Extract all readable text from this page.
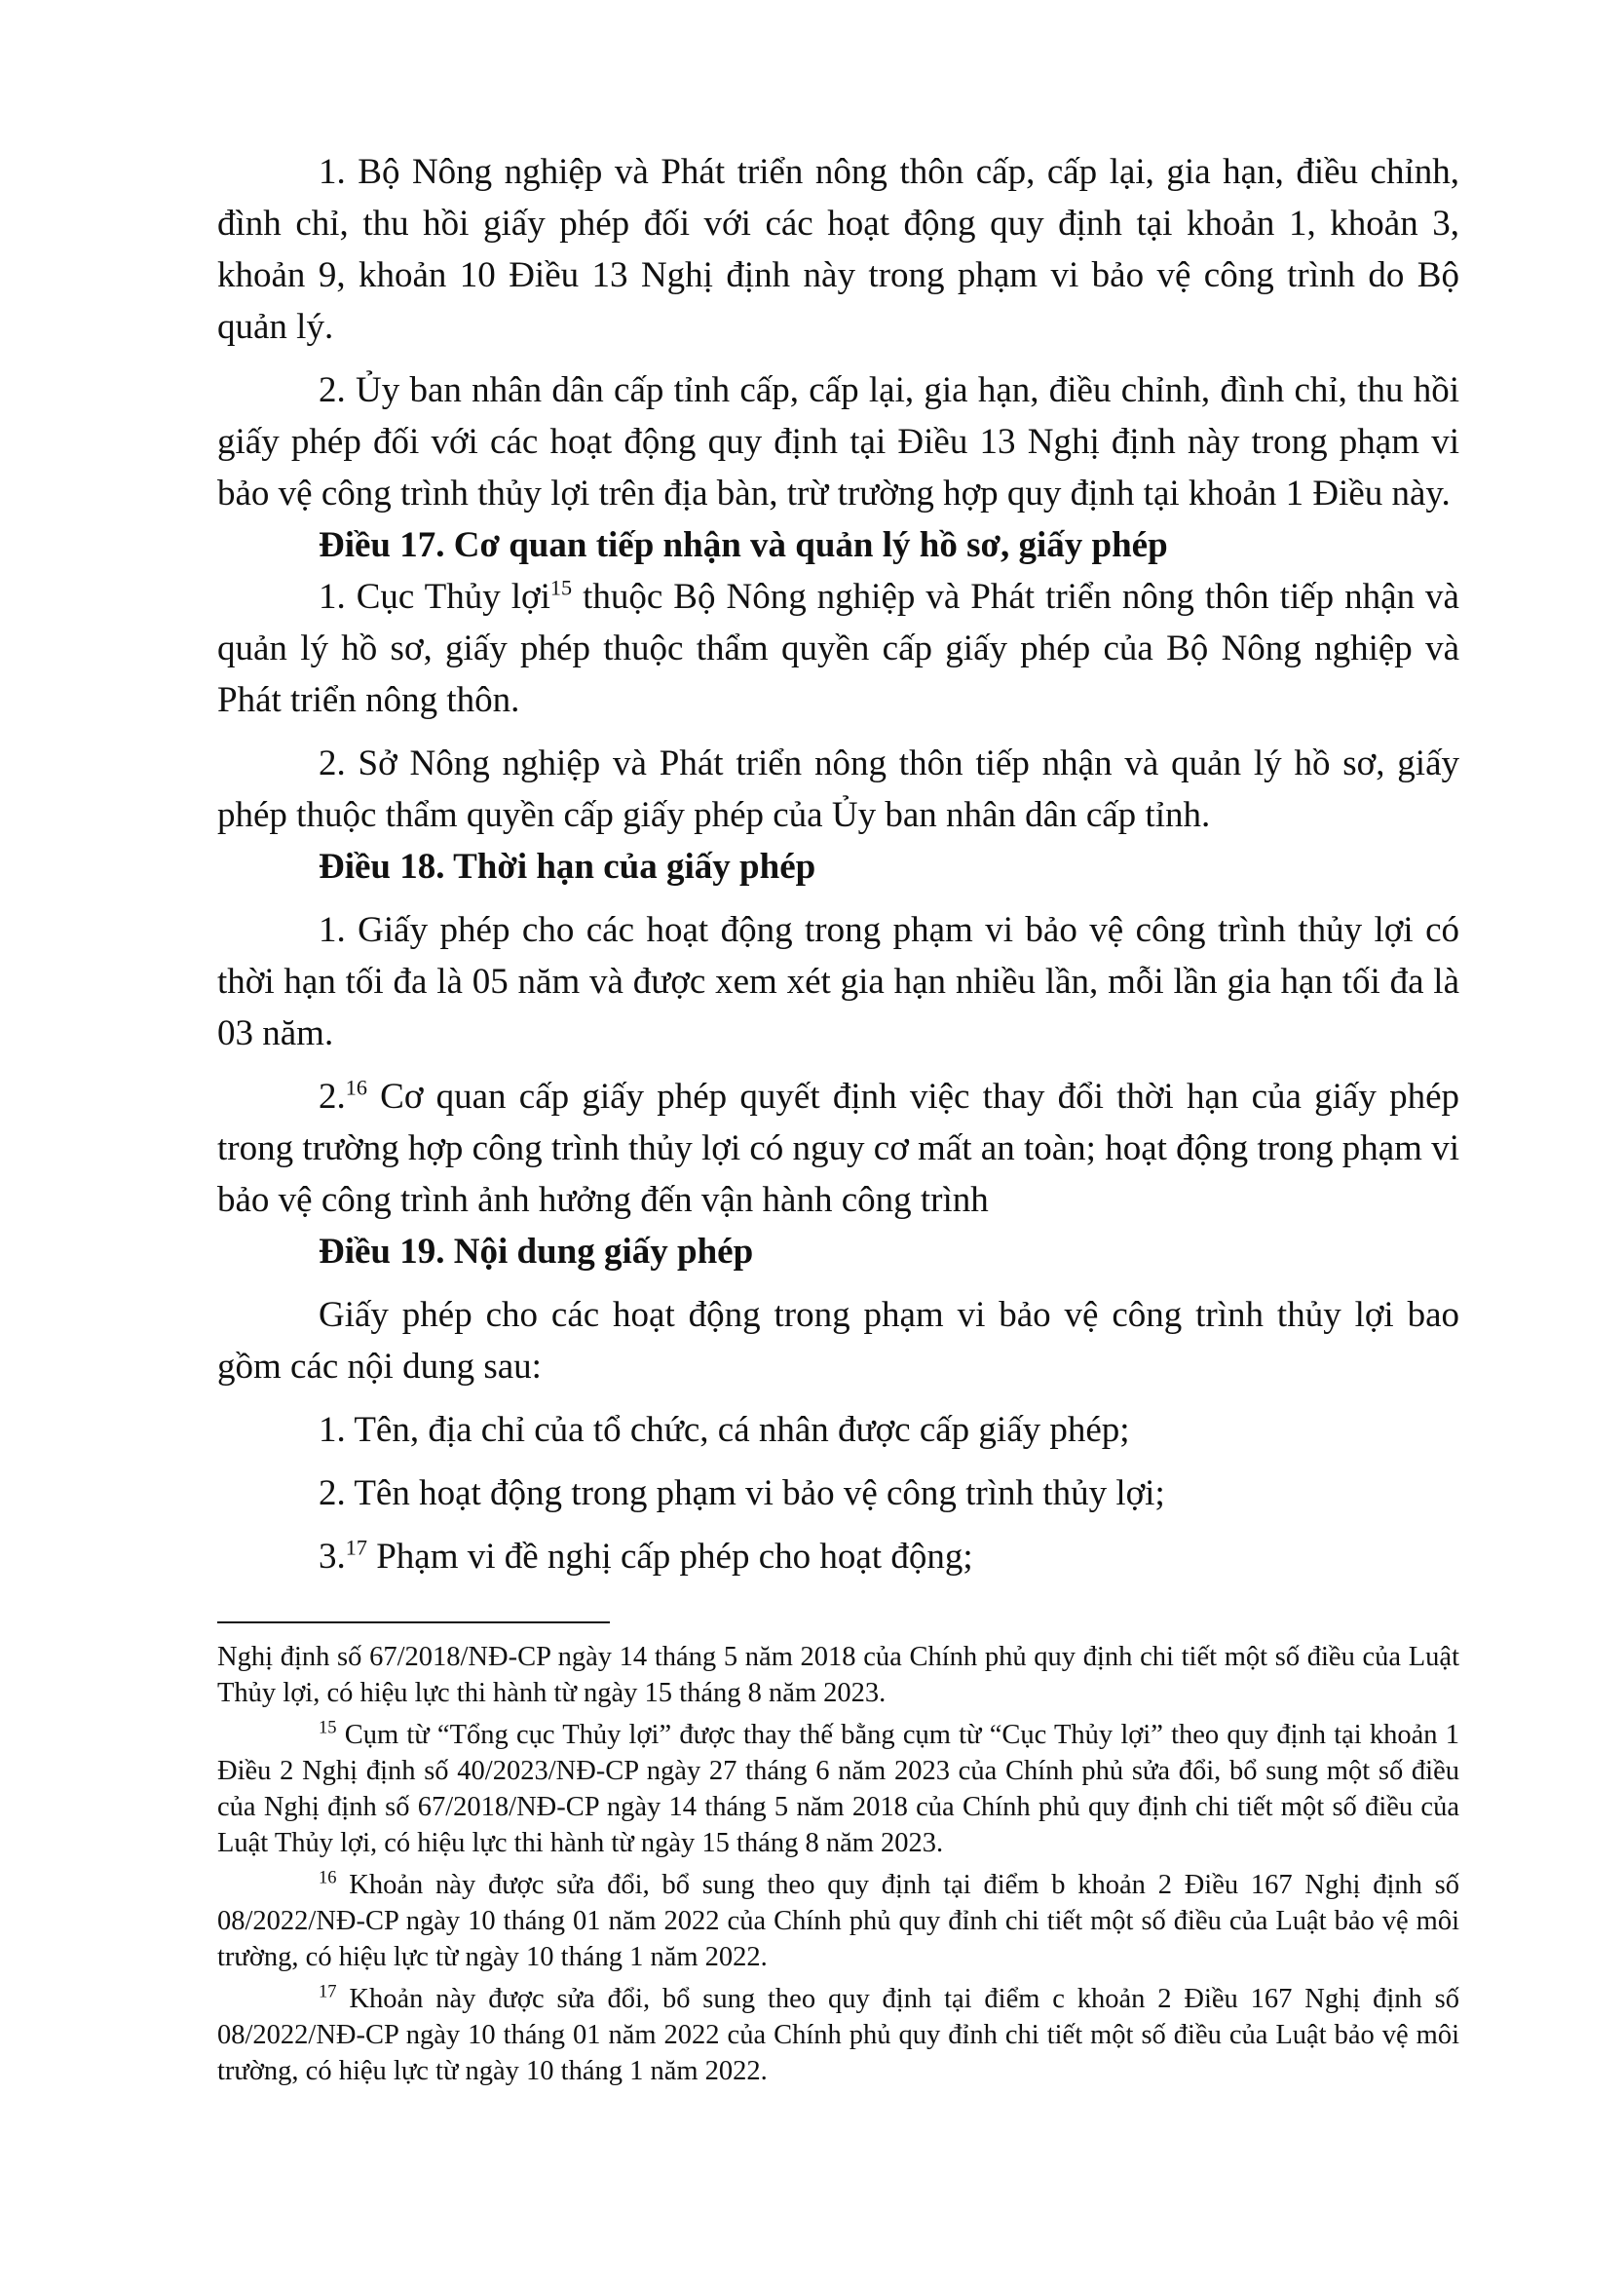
1. Bộ Nông nghiệp và Phát triển nông thôn cấp, cấp lại, gia hạn, điều chỉnh, đình chỉ, thu hồi giấy phép đối với các hoạt động quy định tại khoản 1, khoản 3, khoản 9, khoản 10 Điều 13 Nghị định này trong phạm vi bảo vệ công trình do Bộ quản lý.

2. Ủy ban nhân dân cấp tỉnh cấp, cấp lại, gia hạn, điều chỉnh, đình chỉ, thu hồi giấy phép đối với các hoạt động quy định tại Điều 13 Nghị định này trong phạm vi bảo vệ công trình thủy lợi trên địa bàn, trừ trường hợp quy định tại khoản 1 Điều này.

Điều 17. Cơ quan tiếp nhận và quản lý hồ sơ, giấy phép

1. Cục Thủy lợi$^{15}$ thuộc Bộ Nông nghiệp và Phát triển nông thôn tiếp nhận và quản lý hồ sơ, giấy phép thuộc thẩm quyền cấp giấy phép của Bộ Nông nghiệp và Phát triển nông thôn.

2. Sở Nông nghiệp và Phát triển nông thôn tiếp nhận và quản lý hồ sơ, giấy phép thuộc thẩm quyền cấp giấy phép của Ủy ban nhân dân cấp tỉnh.

Điều 18. Thời hạn của giấy phép

1. Giấy phép cho các hoạt động trong phạm vi bảo vệ công trình thủy lợi có thời hạn tối đa là 05 năm và được xem xét gia hạn nhiều lần, mỗi lần gia hạn tối đa là 03 năm.

2.16 Cơ quan cấp giấy phép quyết định việc thay đổi thời hạn của giấy phép trong trường hợp công trình thủy lợi có nguy cơ mất an toàn; hoạt động trong phạm vi bảo vệ công trình ảnh hưởng đến vận hành công trình

Điều 19. Nội dung giấy phép

Giấy phép cho các hoạt động trong phạm vi bảo vệ công trình thủy lợi bao gồm các nội dung sau:

1. Tên, địa chỉ của tổ chức, cá nhân được cấp giấy phép;

2. Tên hoạt động trong phạm vi bảo vệ công trình thủy lợi;

3.17 Phạm vi đề nghị cấp phép cho hoạt động;

Nghị định số 67/2018/NĐ-CP ngày 14 tháng 5 năm 2018 của Chính phủ quy định chi tiết một số điều của Luật Thủy lợi, có hiệu lực thi hành từ ngày 15 tháng 8 năm 2023.

$^{15}$ Cụm từ “Tổng cục Thủy lợi” được thay thế bằng cụm từ “Cục Thủy lợi” theo quy định tại khoản 1 Điều 2 Nghị định số 40/2023/NĐ-CP ngày 27 tháng 6 năm 2023 của Chính phủ sửa đổi, bổ sung một số điều của Nghị định số 67/2018/NĐ-CP ngày 14 tháng 5 năm 2018 của Chính phủ quy định chi tiết một số điều của Luật Thủy lợi, có hiệu lực thi hành từ ngày 15 tháng 8 năm 2023.

$^{16}$ Khoản này được sửa đổi, bổ sung theo quy định tại điểm b khoản 2 Điều 167 Nghị định số 08/2022/NĐ-CP ngày 10 tháng 01 năm 2022 của Chính phủ quy đỉnh chi tiết một số điều của Luật bảo vệ môi trường, có hiệu lực từ ngày 10 tháng 1 năm 2022.

$^{17}$ Khoản này được sửa đổi, bổ sung theo quy định tại điểm c khoản 2 Điều 167 Nghị định số 08/2022/NĐ-CP ngày 10 tháng 01 năm 2022 của Chính phủ quy đỉnh chi tiết một số điều của Luật bảo vệ môi trường, có hiệu lực từ ngày 10 tháng 1 năm 2022.
